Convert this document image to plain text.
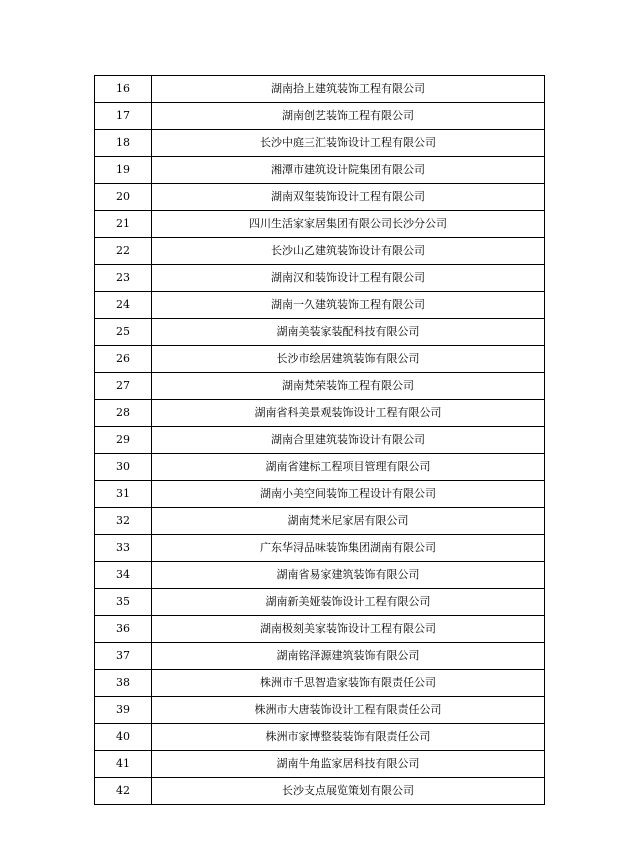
16	湖南拾上建筑装饰工程有限公司
17	湖南创艺装饰工程有限公司
18	长沙中庭三汇装饰设计工程有限公司
19	湘潭市建筑设计院集团有限公司
20	湖南双玺装饰设计工程有限公司
21	四川生活家家居集团有限公司长沙分公司
22	长沙山乙建筑装饰设计有限公司
23	湖南汉和装饰设计工程有限公司
24	湖南一久建筑装饰工程有限公司
25	湖南美装家装配科技有限公司
26	长沙市绘居建筑装饰有限公司
27	湖南梵荣装饰工程有限公司
28	湖南省科美景观装饰设计工程有限公司
29	湖南合里建筑装饰设计有限公司
30	湖南省建标工程项目管理有限公司
31	湖南小美空间装饰工程设计有限公司
32	湖南梵米尼家居有限公司
33	广东华浔品味装饰集团湖南有限公司
34	湖南省易家建筑装饰有限公司
35	湖南新美娅装饰设计工程有限公司
36	湖南极刻美家装饰设计工程有限公司
37	湖南铭泽源建筑装饰有限公司
38	株洲市千思智造家装饰有限责任公司
39	株洲市大唐装饰设计工程有限责任公司
40	株洲市家博整装装饰有限责任公司
41	湖南牛角监家居科技有限公司
42	长沙支点展览策划有限公司
